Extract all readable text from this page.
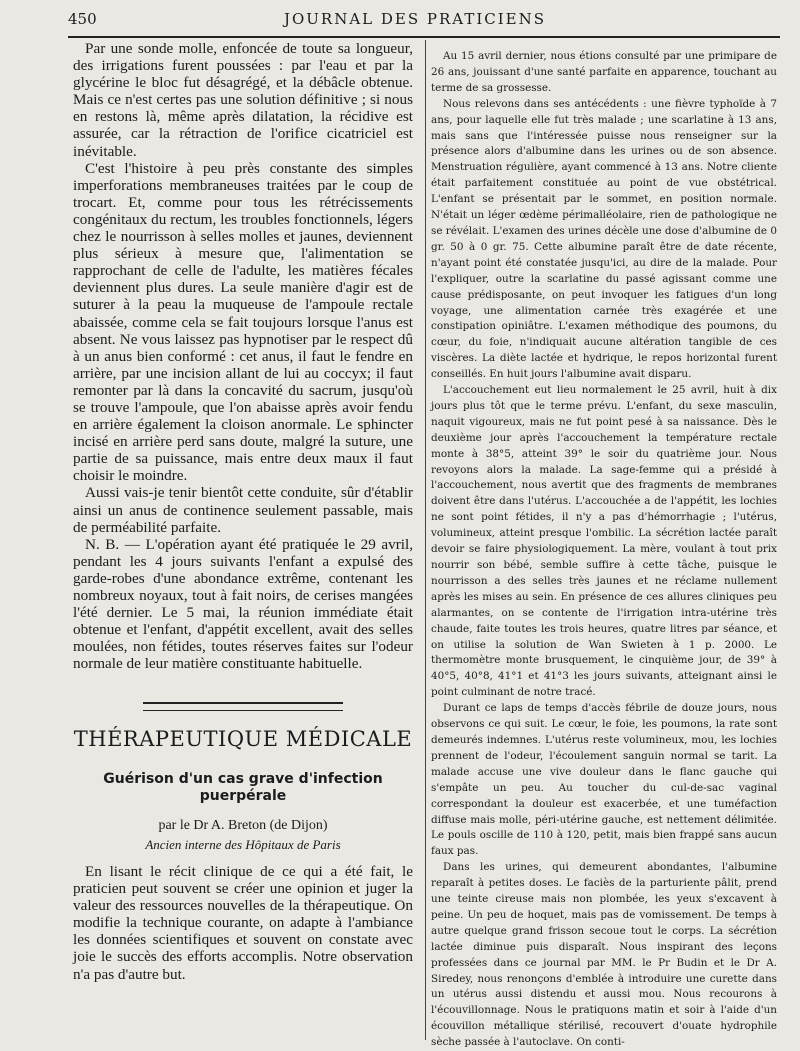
450	JOURNAL DES PRATICIENS

Par une sonde molle, enfoncée de toute sa longueur, des irrigations furent poussées : par l'eau et par la glycérine le bloc fut désagrégé, et la débâcle obtenue. Mais ce n'est certes pas une solution définitive ; si nous en restons là, même après dilatation, la récidive est assurée, car la rétraction de l'orifice cicatriciel est inévitable.

C'est l'histoire à peu près constante des simples imperforations membraneuses traitées par le coup de trocart. Et, comme pour tous les rétrécissements congénitaux du rectum, les troubles fonctionnels, légers chez le nourrisson à selles molles et jaunes, deviennent plus sérieux à mesure que, l'alimentation se rapprochant de celle de l'adulte, les matières fécales deviennent plus dures. La seule manière d'agir est de suturer à la peau la muqueuse de l'ampoule rectale abaissée, comme cela se fait toujours lorsque l'anus est absent. Ne vous laissez pas hypnotiser par le respect dû à un anus bien conformé : cet anus, il faut le fendre en arrière, par une incision allant de lui au coccyx; il faut remonter par là dans la concavité du sacrum, jusqu'où se trouve l'ampoule, que l'on abaisse après avoir fendu en arrière également la cloison anormale. Le sphincter incisé en arrière perd sans doute, malgré la suture, une partie de sa puissance, mais entre deux maux il faut choisir le moindre.

Aussi vais-je tenir bientôt cette conduite, sûr d'établir ainsi un anus de continence seulement passable, mais de perméabilité parfaite.

N. B. — L'opération ayant été pratiquée le 29 avril, pendant les 4 jours suivants l'enfant a expulsé des garde-robes d'une abondance extrême, contenant les nombreux noyaux, tout à fait noirs, de cerises mangées l'été dernier. Le 5 mai, la réunion immédiate était obtenue et l'enfant, d'appétit excellent, avait des selles moulées, non fétides, toutes réserves faites sur l'odeur normale de leur matière constituante habituelle.

THÉRAPEUTIQUE MÉDICALE
Guérison d'un cas grave d'infection puerpérale
par le Dr A. Breton (de Dijon)
Ancien interne des Hôpitaux de Paris

En lisant le récit clinique de ce qui a été fait, le praticien peut souvent se créer une opinion et juger la valeur des ressources nouvelles de la thérapeutique. On modifie la technique courante, on adapte à l'ambiance les données scientifiques et souvent on constate avec joie le succès des efforts accomplis. Notre observation n'a pas d'autre but.

Au 15 avril dernier, nous étions consulté par une primipare de 26 ans, jouissant d'une santé parfaite en apparence, touchant au terme de sa grossesse.

Nous relevons dans ses antécédents : une fièvre typhoïde à 7 ans, pour laquelle elle fut très malade ; une scarlatine à 13 ans, mais sans que l'intéressée puisse nous renseigner sur la présence alors d'albumine dans les urines ou de son absence. Menstruation régulière, ayant commencé à 13 ans. Notre cliente était parfaitement constituée au point de vue obstétrical. L'enfant se présentait par le sommet, en position normale. N'était un léger œdème périmalléolaire, rien de pathologique ne se révélait. L'examen des urines décèle une dose d'albumine de 0 gr. 50 à 0 gr. 75. Cette albumine paraît être de date récente, n'ayant point été constatée jusqu'ici, au dire de la malade. Pour l'expliquer, outre la scarlatine du passé agissant comme une cause prédisposante, on peut invoquer les fatigues d'un long voyage, une alimentation carnée très exagérée et une constipation opiniâtre. L'examen méthodique des poumons, du cœur, du foie, n'indiquait aucune altération tangible de ces viscères. La diète lactée et hydrique, le repos horizontal furent conseillés. En huit jours l'albumine avait disparu.

L'accouchement eut lieu normalement le 25 avril, huit à dix jours plus tôt que le terme prévu. L'enfant, du sexe masculin, naquit vigoureux, mais ne fut point pesé à sa naissance. Dès le deuxième jour après l'accouchement la température rectale monte à 38°5, atteint 39° le soir du quatrième jour. Nous revoyons alors la malade. La sage-femme qui a présidé à l'accouchement, nous avertit que des fragments de membranes doivent être dans l'utérus. L'accouchée a de l'appétit, les lochies ne sont point fétides, il n'y a pas d'hémorrhagie ; l'utérus, volumineux, atteint presque l'ombilic. La sécrétion lactée paraît devoir se faire physiologiquement. La mère, voulant à tout prix nourrir son bébé, semble suffire à cette tâche, puisque le nourrisson a des selles très jaunes et ne réclame nullement après les mises au sein. En présence de ces allures cliniques peu alarmantes, on se contente de l'irrigation intra-utérine très chaude, faite toutes les trois heures, quatre litres par séance, et on utilise la solution de Wan Swieten à 1 p. 2000. Le thermomètre monte brusquement, le cinquième jour, de 39° à 40°5, 40°8, 41°1 et 41°3 les jours suivants, atteignant ainsi le point culminant de notre tracé.

Durant ce laps de temps d'accès fébrile de douze jours, nous observons ce qui suit. Le cœur, le foie, les poumons, la rate sont demeurés indemnes. L'utérus reste volumineux, mou, les lochies prennent de l'odeur, l'écoulement sanguin normal se tarit. La malade accuse une vive douleur dans le flanc gauche qui s'empâte un peu. Au toucher du cul-de-sac vaginal correspondant la douleur est exacerbée, et une tuméfaction diffuse mais molle, péri-utérine gauche, est nettement délimitée. Le pouls oscille de 110 à 120, petit, mais bien frappé sans aucun faux pas.

Dans les urines, qui demeurent abondantes, l'albumine reparaît à petites doses. Le faciès de la parturiente pâlit, prend une teinte cireuse mais non plombée, les yeux s'excavent à peine. Un peu de hoquet, mais pas de vomissement. De temps à autre quelque grand frisson secoue tout le corps. La sécrétion lactée diminue puis disparaît. Nous inspirant des leçons professées dans ce journal par MM. le Pr Budin et le Dr A. Siredey, nous renonçons d'emblée à introduire une curette dans un utérus aussi distendu et aussi mou. Nous recourons à l'écouvillonnage. Nous le pratiquons matin et soir à l'aide d'un écouvillon métallique stérilisé, recouvert d'ouate hydrophile sèche passée à l'autoclave. On conti-
